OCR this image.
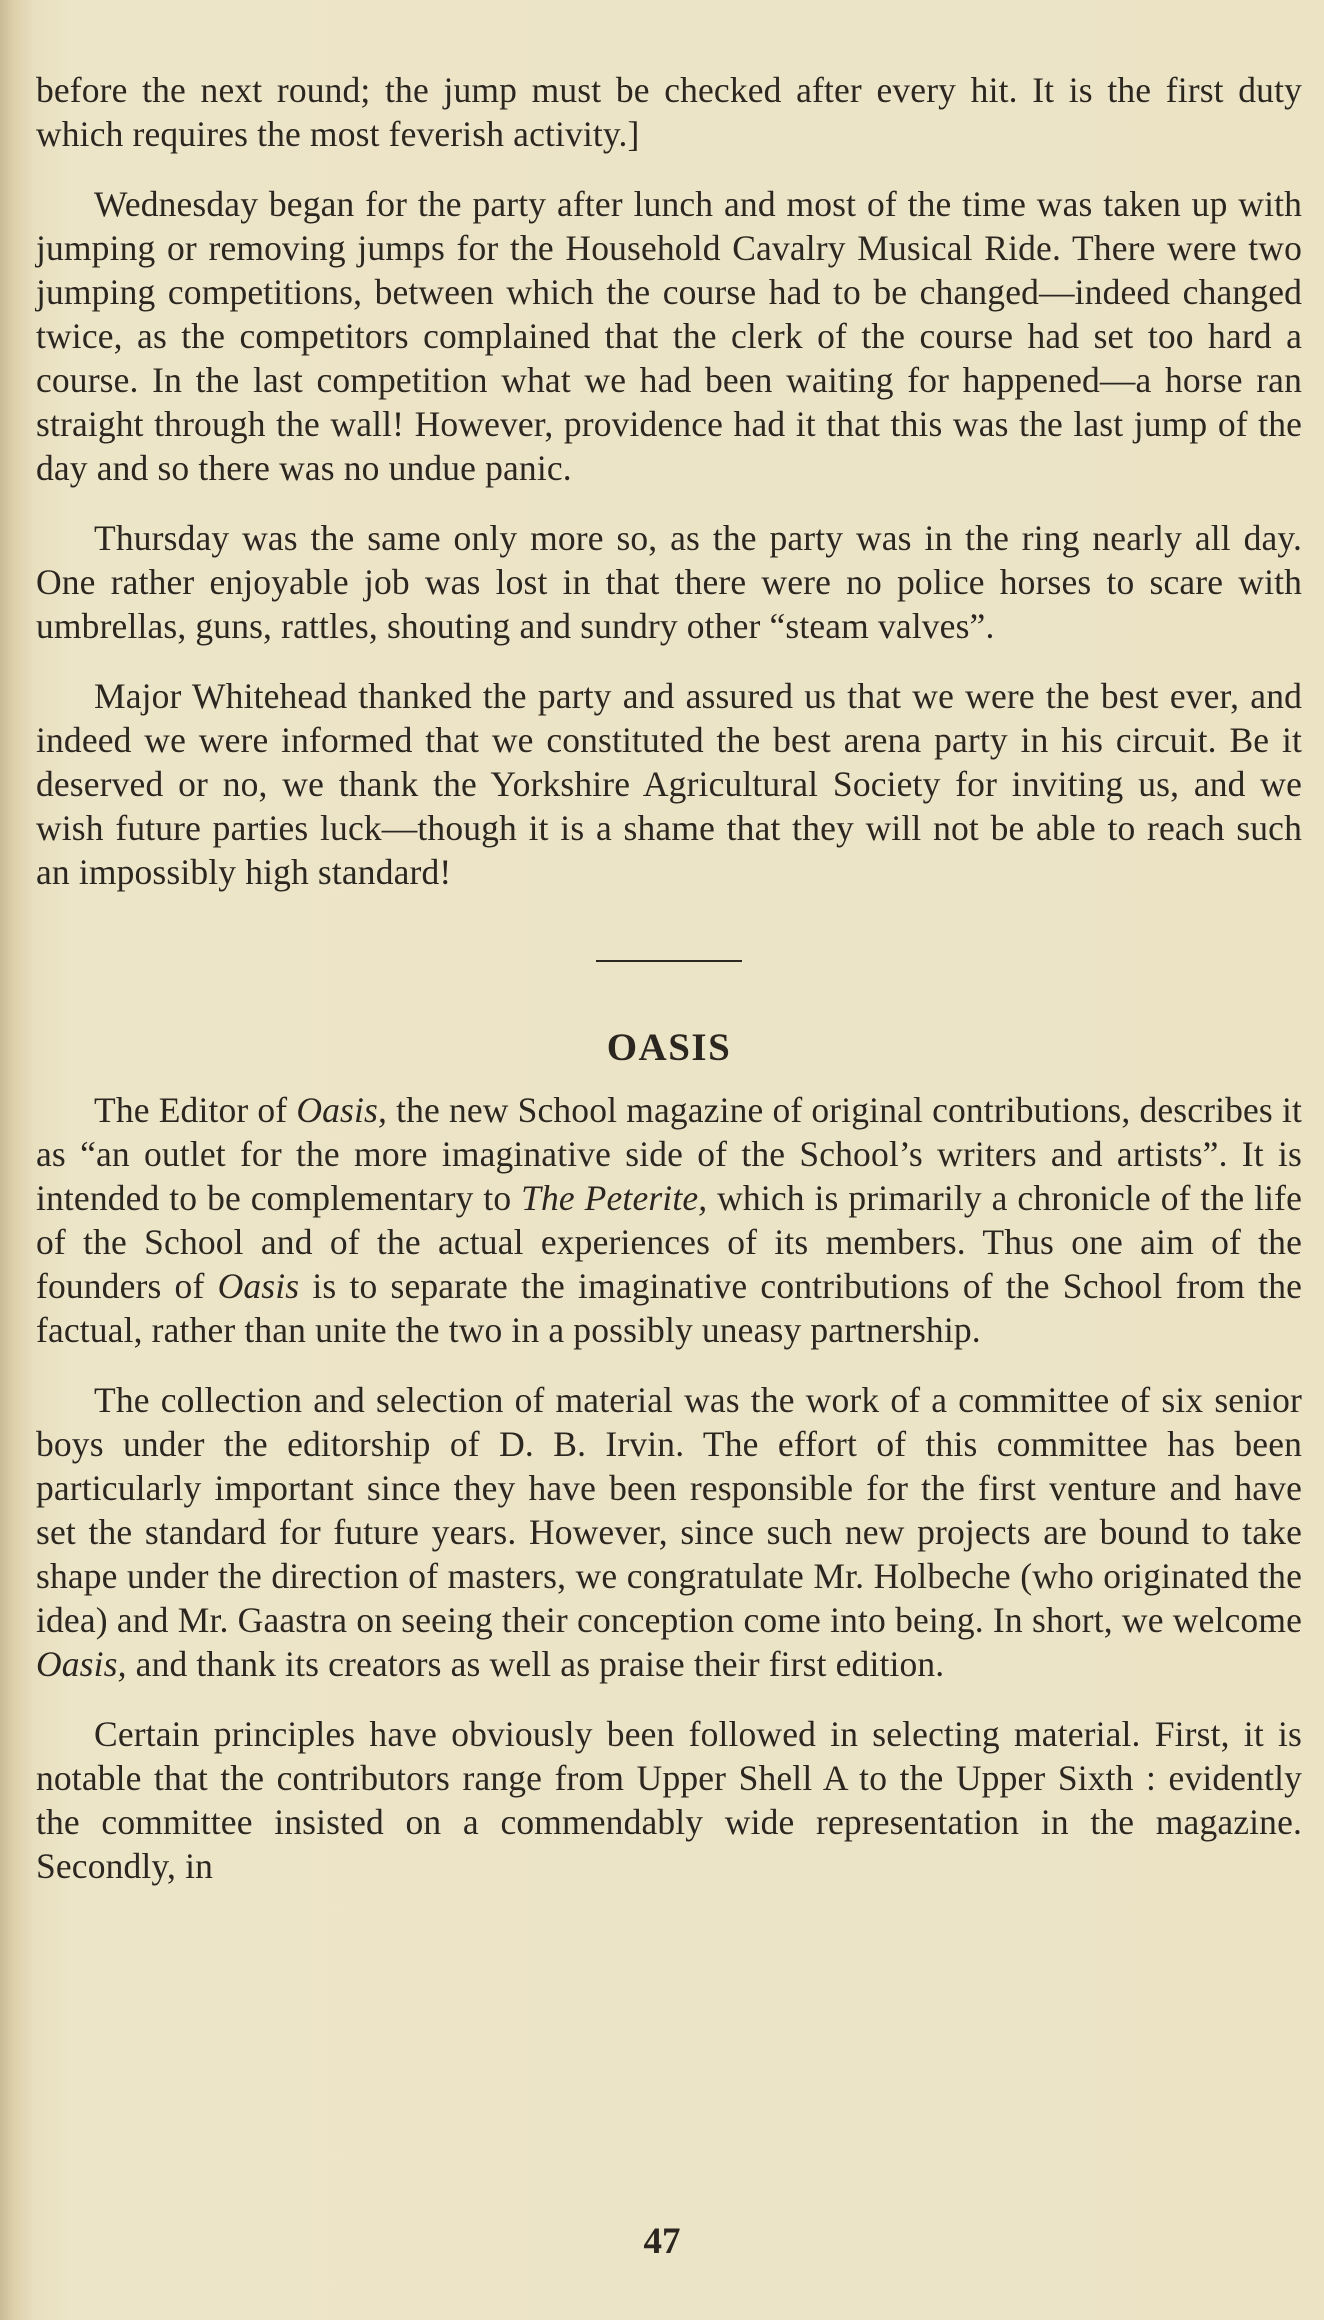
before the next round; the jump must be checked after every hit. It is the first duty which requires the most feverish activity.]

Wednesday began for the party after lunch and most of the time was taken up with jumping or removing jumps for the Household Cavalry Musical Ride. There were two jumping competitions, between which the course had to be changed—indeed changed twice, as the competitors complained that the clerk of the course had set too hard a course. In the last competition what we had been waiting for happened—a horse ran straight through the wall! However, providence had it that this was the last jump of the day and so there was no undue panic.

Thursday was the same only more so, as the party was in the ring nearly all day. One rather enjoyable job was lost in that there were no police horses to scare with umbrellas, guns, rattles, shouting and sundry other “steam valves”.

Major Whitehead thanked the party and assured us that we were the best ever, and indeed we were informed that we constituted the best arena party in his circuit. Be it deserved or no, we thank the Yorkshire Agricultural Society for inviting us, and we wish future parties luck—though it is a shame that they will not be able to reach such an impossibly high standard!

OASIS

The Editor of Oasis, the new School magazine of original contributions, describes it as “an outlet for the more imaginative side of the School’s writers and artists”. It is intended to be complementary to The Peterite, which is primarily a chronicle of the life of the School and of the actual experiences of its members. Thus one aim of the founders of Oasis is to separate the imaginative contributions of the School from the factual, rather than unite the two in a possibly uneasy partnership.

The collection and selection of material was the work of a committee of six senior boys under the editorship of D. B. Irvin. The effort of this committee has been particularly important since they have been responsible for the first venture and have set the standard for future years. However, since such new projects are bound to take shape under the direction of masters, we congratulate Mr. Holbeche (who originated the idea) and Mr. Gaastra on seeing their conception come into being. In short, we welcome Oasis, and thank its creators as well as praise their first edition.

Certain principles have obviously been followed in selecting material. First, it is notable that the contributors range from Upper Shell A to the Upper Sixth : evidently the committee insisted on a commendably wide representation in the magazine. Secondly, in

47
